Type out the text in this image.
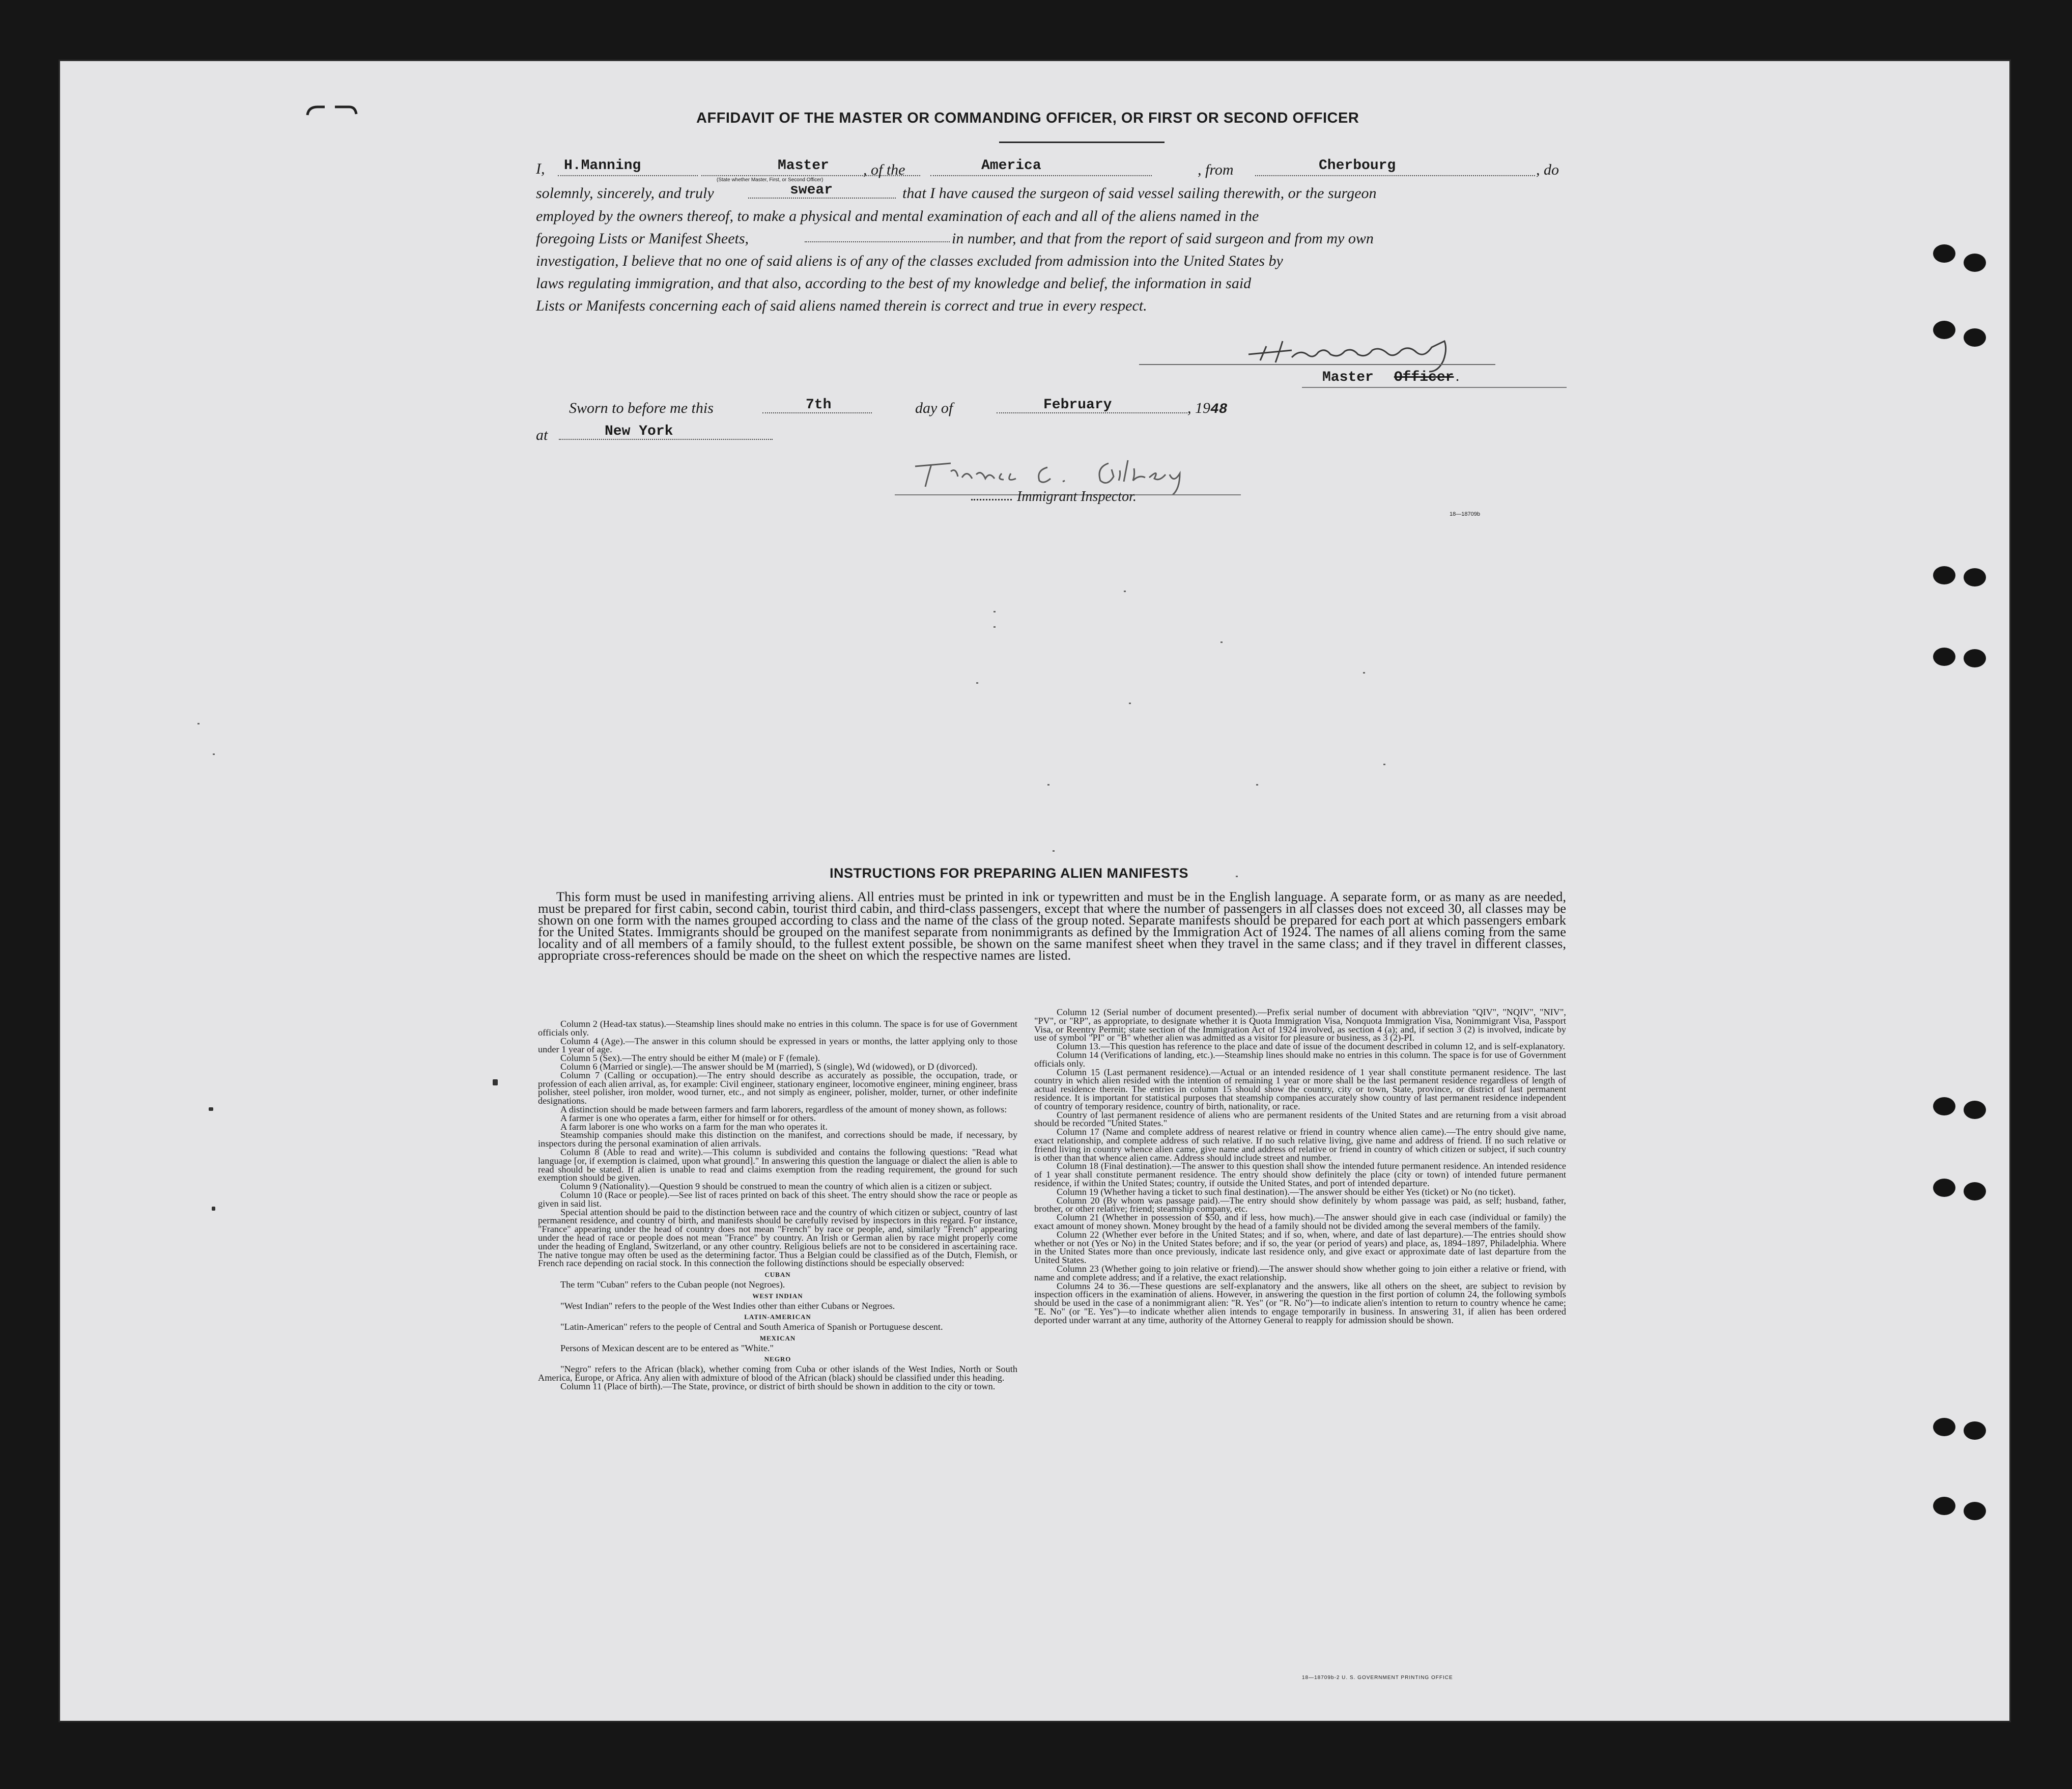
AFFIDAVIT OF THE MASTER OR COMMANDING OFFICER, OR FIRST OR SECOND OFFICER
I,	H.Manning	Master
(State whether Master, First, or Second Officer)
, of the	America	, from	Cherbourg	, do
solemnly, sincerely, and truly	swear	that I have caused the surgeon of said vessel sailing therewith, or the surgeon
employed by the owners thereof, to make a physical and mental examination of each and all of the aliens named in the
foregoing Lists or Manifest Sheets,	in number, and that from the report of said surgeon and from my own
investigation, I believe that no one of said aliens is of any of the classes excluded from admission into the United States by
laws regulating immigration, and that also, according to the best of my knowledge and belief, the information in said
Lists or Manifests concerning each of said aliens named therein is correct and true in every respect.
Master Officer .
Sworn to before me this	7th	day of	February	, 1948
at	New York
Immigrant Inspector.
18—18709b
INSTRUCTIONS FOR PREPARING ALIEN MANIFESTS
This form must be used in manifesting arriving aliens. All entries must be printed in ink or typewritten and must be in the English language. A separate form, or as many as are needed, must be prepared for first cabin, second cabin, tourist third cabin, and third-class passengers, except that where the number of passengers in all classes does not exceed 30, all classes may be shown on one form with the names grouped according to class and the name of the class of the group noted. Separate manifests should be prepared for each port at which passengers embark for the United States. Immigrants should be grouped on the manifest separate from nonimmigrants as defined by the Immigration Act of 1924. The names of all aliens coming from the same locality and of all members of a family should, to the fullest extent possible, be shown on the same manifest sheet when they travel in the same class; and if they travel in different classes, appropriate cross-references should be made on the sheet on which the respective names are listed.

Column 2 (Head-tax status).—Steamship lines should make no entries in this column. The space is for use of Government officials only.

Column 4 (Age).—The answer in this column should be expressed in years or months, the latter applying only to those under 1 year of age.

Column 5 (Sex).—The entry should be either M (male) or F (female).

Column 6 (Married or single).—The answer should be M (married), S (single), Wd (widowed), or D (divorced).

Column 7 (Calling or occupation).—The entry should describe as accurately as possible, the occupation, trade, or profession of each alien arrival, as, for example: Civil engineer, stationary engineer, locomotive engineer, mining engineer, brass polisher, steel polisher, iron molder, wood turner, etc., and not simply as engineer, polisher, molder, turner, or other indefinite designations.

A distinction should be made between farmers and farm laborers, regardless of the amount of money shown, as follows:

A farmer is one who operates a farm, either for himself or for others.

A farm laborer is one who works on a farm for the man who operates it.

Steamship companies should make this distinction on the manifest, and corrections should be made, if necessary, by inspectors during the personal examination of alien arrivals.

Column 8 (Able to read and write).—This column is subdivided and contains the following questions: "Read what language [or, if exemption is claimed, upon what ground]." In answering this question the language or dialect the alien is able to read should be stated. If alien is unable to read and claims exemption from the reading requirement, the ground for such exemption should be given.

Column 9 (Nationality).—Question 9 should be construed to mean the country of which alien is a citizen or subject.

Column 10 (Race or people).—See list of races printed on back of this sheet. The entry should show the race or people as given in said list.

Special attention should be paid to the distinction between race and the country of which citizen or subject, country of last permanent residence, and country of birth, and manifests should be carefully revised by inspectors in this regard. For instance, "France" appearing under the head of country does not mean "French" by race or people, and, similarly "French" appearing under the head of race or people does not mean "France" by country. An Irish or German alien by race might properly come under the heading of England, Switzerland, or any other country. Religious beliefs are not to be considered in ascertaining race. The native tongue may often be used as the determining factor. Thus a Belgian could be classified as of the Dutch, Flemish, or French race depending on racial stock. In this connection the following distinctions should be especially observed:

CUBAN

The term "Cuban" refers to the Cuban people (not Negroes).

WEST INDIAN

"West Indian" refers to the people of the West Indies other than either Cubans or Negroes.

LATIN-AMERICAN

"Latin-American" refers to the people of Central and South America of Spanish or Portuguese descent.

MEXICAN

Persons of Mexican descent are to be entered as "White."

NEGRO

"Negro" refers to the African (black), whether coming from Cuba or other islands of the West Indies, North or South America, Europe, or Africa. Any alien with admixture of blood of the African (black) should be classified under this heading.

Column 11 (Place of birth).—The State, province, or district of birth should be shown in addition to the city or town.

Column 12 (Serial number of document presented).—Prefix serial number of document with abbreviation "QIV", "NQIV", "NIV", "PV", or "RP", as appropriate, to designate whether it is Quota Immigration Visa, Nonquota Immigration Visa, Nonimmigrant Visa, Passport Visa, or Reentry Permit; state section of the Immigration Act of 1924 involved, as section 4 (a); and, if section 3 (2) is involved, indicate by use of symbol "PI" or "B" whether alien was admitted as a visitor for pleasure or business, as 3 (2)-PI.

Column 13.—This question has reference to the place and date of issue of the document described in column 12, and is self-explanatory.

Column 14 (Verifications of landing, etc.).—Steamship lines should make no entries in this column. The space is for use of Government officials only.

Column 15 (Last permanent residence).—Actual or an intended residence of 1 year shall constitute permanent residence. The last country in which alien resided with the intention of remaining 1 year or more shall be the last permanent residence regardless of length of actual residence therein. The entries in column 15 should show the country, city or town, State, province, or district of last permanent residence. It is important for statistical purposes that steamship companies accurately show country of last permanent residence independent of country of temporary residence, country of birth, nationality, or race.

Country of last permanent residence of aliens who are permanent residents of the United States and are returning from a visit abroad should be recorded "United States."

Column 17 (Name and complete address of nearest relative or friend in country whence alien came).—The entry should give name, exact relationship, and complete address of such relative. If no such relative living, give name and address of friend. If no such relative or friend living in country whence alien came, give name and address of relative or friend in country of which citizen or subject, if such country is other than that whence alien came. Address should include street and number.

Column 18 (Final destination).—The answer to this question shall show the intended future permanent residence. An intended residence of 1 year shall constitute permanent residence. The entry should show definitely the place (city or town) of intended future permanent residence, if within the United States; country, if outside the United States, and port of intended departure.

Column 19 (Whether having a ticket to such final destination).—The answer should be either Yes (ticket) or No (no ticket).

Column 20 (By whom was passage paid).—The entry should show definitely by whom passage was paid, as self; husband, father, brother, or other relative; friend; steamship company, etc.

Column 21 (Whether in possession of $50, and if less, how much).—The answer should give in each case (individual or family) the exact amount of money shown. Money brought by the head of a family should not be divided among the several members of the family.

Column 22 (Whether ever before in the United States; and if so, when, where, and date of last departure).—The entries should show whether or not (Yes or No) in the United States before; and if so, the year (or period of years) and place, as, 1894–1897, Philadelphia. Where in the United States more than once previously, indicate last residence only, and give exact or approximate date of last departure from the United States.

Column 23 (Whether going to join relative or friend).—The answer should show whether going to join either a relative or friend, with name and complete address; and if a relative, the exact relationship.

Columns 24 to 36.—These questions are self-explanatory and the answers, like all others on the sheet, are subject to revision by inspection officers in the examination of aliens. However, in answering the question in the first portion of column 24, the following symbols should be used in the case of a nonimmigrant alien: "R. Yes" (or "R. No")—to indicate alien's intention to return to country whence he came; "E. No" (or "E. Yes")—to indicate whether alien intends to engage temporarily in business. In answering 31, if alien has been ordered deported under warrant at any time, authority of the Attorney General to reapply for admission should be shown.

18—18709b-2 U. S. GOVERNMENT PRINTING OFFICE
